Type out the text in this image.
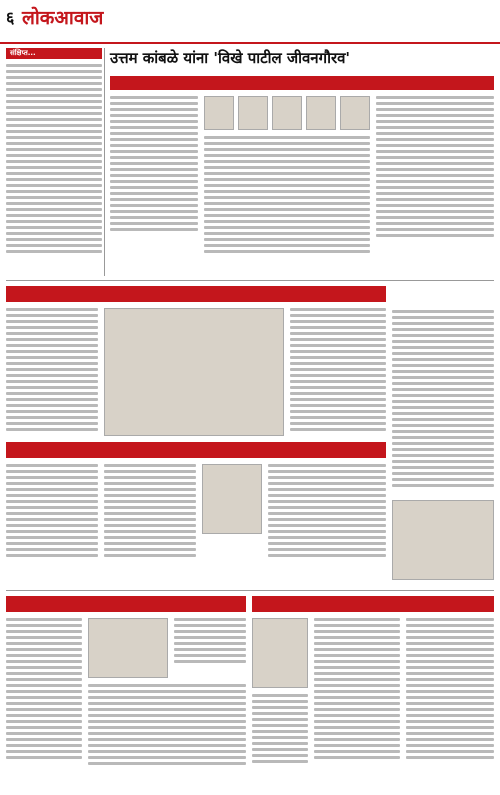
६ लोकआवाज
संक्षिप्त...	उत्तम कांबळे यांना 'विखे पाटील जीवनगौरव'
